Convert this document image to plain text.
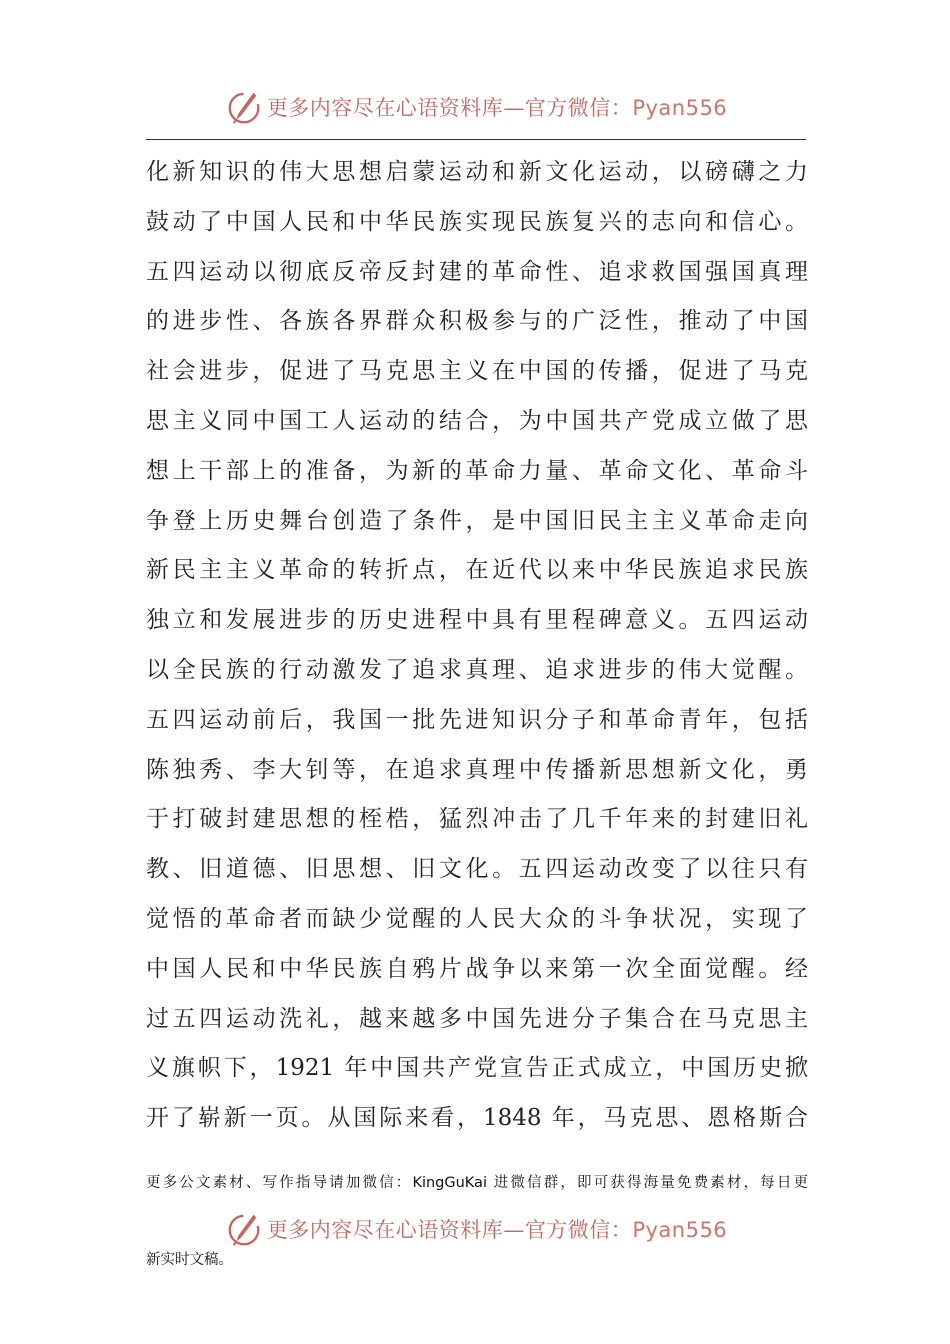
更多内容尽在心语资料库—官方微信：Pyan556
化新知识的伟大思想启蒙运动和新文化运动，以磅礴之力
鼓动了中国人民和中华民族实现民族复兴的志向和信心。
五四运动以彻底反帝反封建的革命性、追求救国强国真理
的进步性、各族各界群众积极参与的广泛性，推动了中国
社会进步，促进了马克思主义在中国的传播，促进了马克
思主义同中国工人运动的结合，为中国共产党成立做了思
想上干部上的准备，为新的革命力量、革命文化、革命斗
争登上历史舞台创造了条件，是中国旧民主主义革命走向
新民主主义革命的转折点，在近代以来中华民族追求民族
独立和发展进步的历史进程中具有里程碑意义。五四运动
以全民族的行动激发了追求真理、追求进步的伟大觉醒。
五四运动前后，我国一批先进知识分子和革命青年，包括
陈独秀、李大钊等，在追求真理中传播新思想新文化，勇
于打破封建思想的桎梏，猛烈冲击了几千年来的封建旧礼
教、旧道德、旧思想、旧文化。五四运动改变了以往只有
觉悟的革命者而缺少觉醒的人民大众的斗争状况，实现了
中国人民和中华民族自鸦片战争以来第一次全面觉醒。经
过五四运动洗礼，越来越多中国先进分子集合在马克思主
义旗帜下，1921 年中国共产党宣告正式成立，中国历史掀
开了崭新一页。从国际来看，1848 年，马克思、恩格斯合
更多公文素材、写作指导请加微信：KingGuKai 进微信群，即可获得海量免费素材，每日更
更多内容尽在心语资料库—官方微信：Pyan556
新实时文稿。
